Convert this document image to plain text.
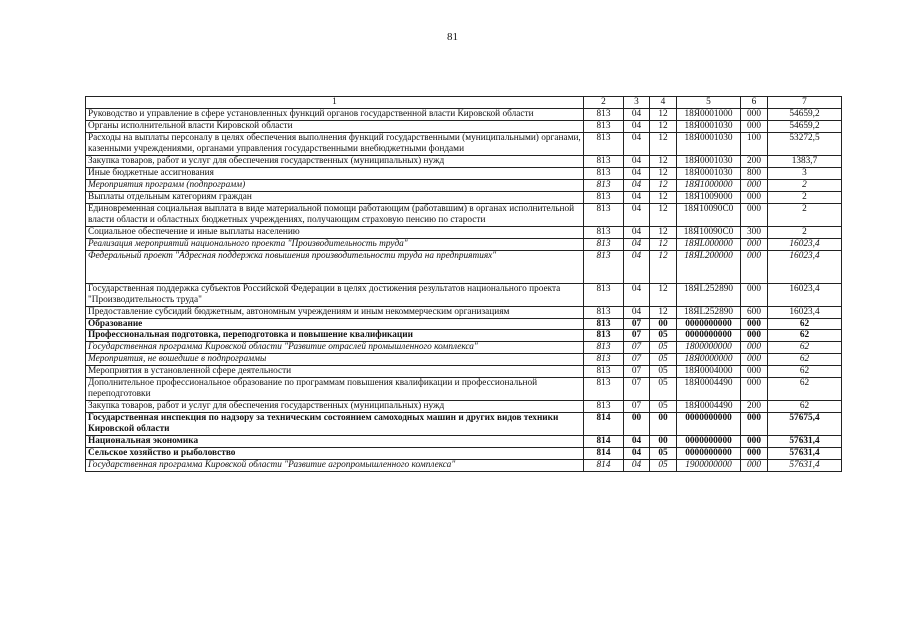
81
1	2	3	4	5	6	7
Руководство и управление в сфере установленных функций органов государственной власти Кировской области	813	04	12	18Я0001000	000	54659,2
Органы исполнительной власти Кировской области	813	04	12	18Я0001030	000	54659,2
Расходы на выплаты персоналу в целях обеспечения выполнения функций государственными (муниципальными) органами, казенными учреждениями, органами управления государственными внебюджетными фондами	813	04	12	18Я0001030	100	53272,5
Закупка товаров, работ и услуг для обеспечения государственных (муниципальных) нужд	813	04	12	18Я0001030	200	1383,7
Иные бюджетные ассигнования	813	04	12	18Я0001030	800	3
Мероприятия программ (подпрограмм)	813	04	12	18Я1000000	000	2
Выплаты отдельным категориям граждан	813	04	12	18Я1009000	000	2
Единовременная социальная выплата в виде материальной помощи работающим (работавшим) в органах исполнительной власти области и областных бюджетных учреждениях, получающим страховую пенсию по старости	813	04	12	18Я10090С0	000	2
Социальное обеспечение и иные выплаты населению	813	04	12	18Я10090С0	300	2
Реализация мероприятий национального проекта "Производительность труда"	813	04	12	18ЯL000000	000	16023,4
Федеральный проект "Адресная поддержка повышения производительности труда на предприятиях"	813	04	12	18ЯL200000	000	16023,4
Государственная поддержка субъектов Российской Федерации в целях достижения результатов национального проекта "Производительность труда"	813	04	12	18ЯL252890	000	16023,4
Предоставление субсидий бюджетным, автономным учреждениям и иным некоммерческим организациям	813	04	12	18ЯL252890	600	16023,4
Образование	813	07	00	0000000000	000	62
Профессиональная подготовка, переподготовка и повышение квалификации	813	07	05	0000000000	000	62
Государственная программа Кировской области "Развитие отраслей промышленного комплекса"	813	07	05	1800000000	000	62
Мероприятия, не вошедшие в подпрограммы	813	07	05	18Я0000000	000	62
Мероприятия в установленной сфере деятельности	813	07	05	18Я0004000	000	62
Дополнительное профессиональное образование по программам повышения квалификации и профессиональной переподготовки	813	07	05	18Я0004490	000	62
Закупка товаров, работ и услуг для обеспечения государственных (муниципальных) нужд	813	07	05	18Я0004490	200	62
Государственная инспекция по надзору за техническим состоянием самоходных машин и других видов техники Кировской области	814	00	00	0000000000	000	57675,4
Национальная экономика	814	04	00	0000000000	000	57631,4
Сельское хозяйство и рыболовство	814	04	05	0000000000	000	57631,4
Государственная программа Кировской области "Развитие агропромышленного комплекса"	814	04	05	1900000000	000	57631,4
